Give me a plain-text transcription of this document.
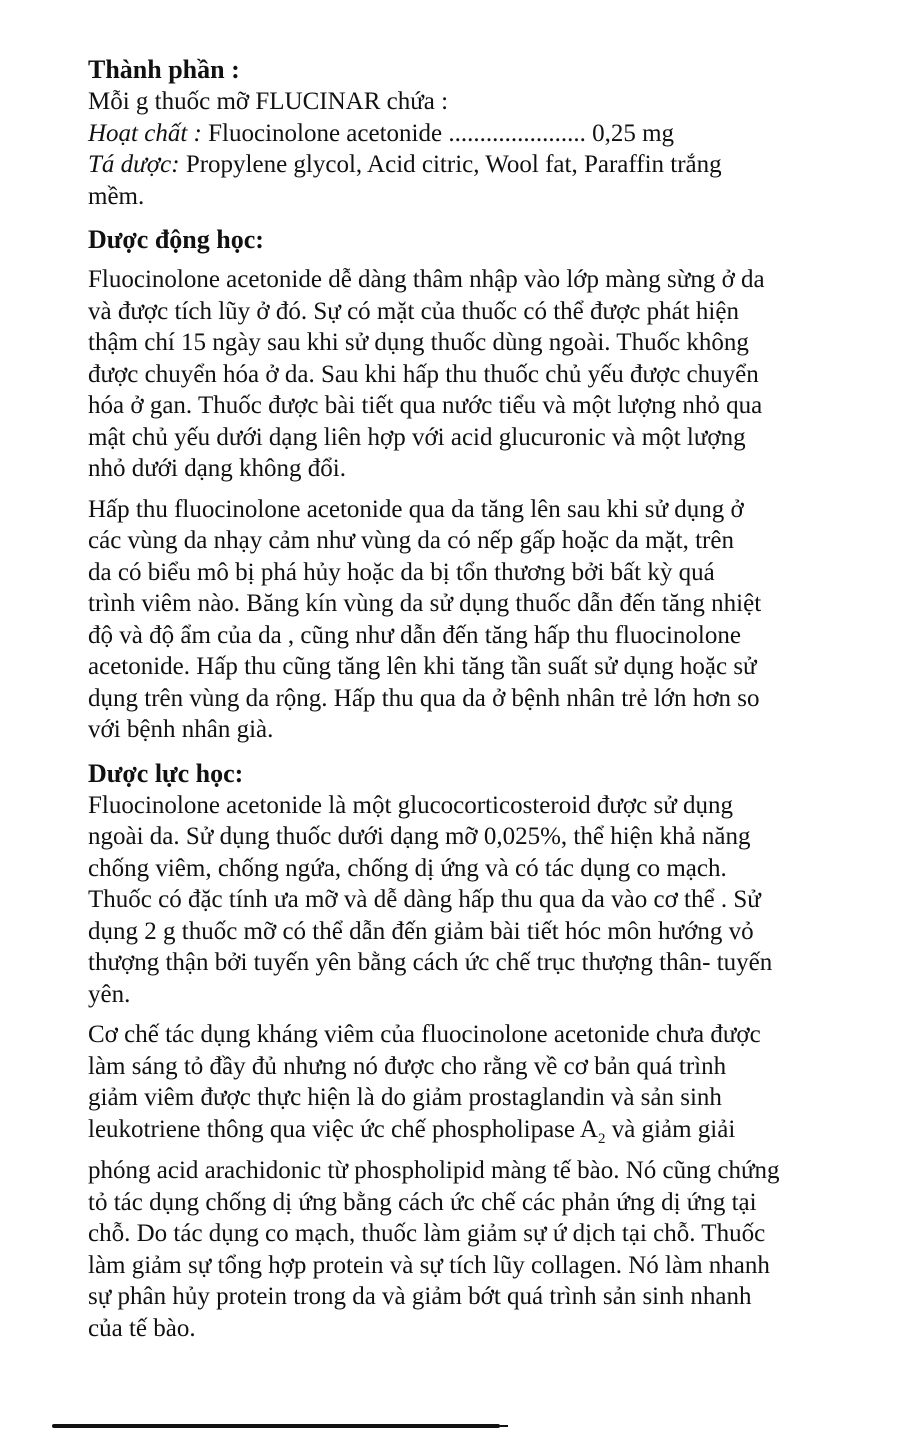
Thành phần :

Mỗi g thuốc mỡ FLUCINAR chứa :

Hoạt chất : Fluocinolone acetonide ...................... 0,25 mg

Tá dược: Propylene glycol, Acid citric, Wool fat, Paraffin trắng

mềm.

Dược động học:

Fluocinolone acetonide dễ dàng thâm nhập vào lớp màng sừng ở da

và được tích lũy ở đó. Sự có mặt của thuốc có thể được phát hiện

thậm chí 15 ngày sau khi sử dụng thuốc dùng ngoài. Thuốc không

được chuyển hóa ở da. Sau khi hấp thu thuốc chủ yếu được chuyển

hóa ở gan. Thuốc được bài tiết qua nước tiểu và một lượng nhỏ qua

mật chủ yếu dưới dạng liên hợp với acid glucuronic và một lượng

nhỏ dưới dạng không đổi.

Hấp thu fluocinolone acetonide qua da tăng lên sau khi sử dụng ở

các vùng da nhạy cảm như vùng da có nếp gấp hoặc da mặt, trên

da có biểu mô bị phá hủy hoặc da bị tổn thương bởi bất kỳ quá

trình viêm nào. Băng kín vùng da sử dụng thuốc dẫn đến tăng nhiệt

độ và độ ẩm của da , cũng như dẫn đến tăng hấp thu fluocinolone

acetonide. Hấp thu cũng tăng lên khi tăng tần suất sử dụng hoặc sử

dụng trên vùng da rộng. Hấp thu qua da ở bệnh nhân trẻ lớn hơn so

với bệnh nhân già.

Dược lực học:

Fluocinolone acetonide là một glucocorticosteroid được sử dụng

ngoài da. Sử dụng thuốc dưới dạng mỡ 0,025%, thể hiện khả năng

chống viêm, chống ngứa, chống dị ứng và có tác dụng co mạch.

Thuốc có đặc tính ưa mỡ và dễ dàng hấp thu qua da vào cơ thể . Sử

dụng 2 g thuốc mỡ có thể dẫn đến giảm bài tiết hóc môn hướng vỏ

thượng thận bởi tuyến yên bằng cách ức chế trục thượng thân- tuyến

yên.

Cơ chế tác dụng kháng viêm của fluocinolone acetonide chưa được

làm sáng tỏ đầy đủ nhưng nó được cho rằng về cơ bản quá trình

giảm viêm được thực hiện là do giảm prostaglandin và sản sinh

leukotriene thông qua việc ức chế phospholipase $A_2$ và giảm giải

phóng acid arachidonic từ phospholipid màng tế bào. Nó cũng chứng

tỏ tác dụng chống dị ứng bằng cách ức chế các phản ứng dị ứng tại

chỗ. Do tác dụng co mạch, thuốc làm giảm sự ứ dịch tại chỗ. Thuốc

làm giảm sự tổng hợp protein và sự tích lũy collagen. Nó làm nhanh

sự phân hủy protein trong da và giảm bớt quá trình sản sinh nhanh

của tế bào.
